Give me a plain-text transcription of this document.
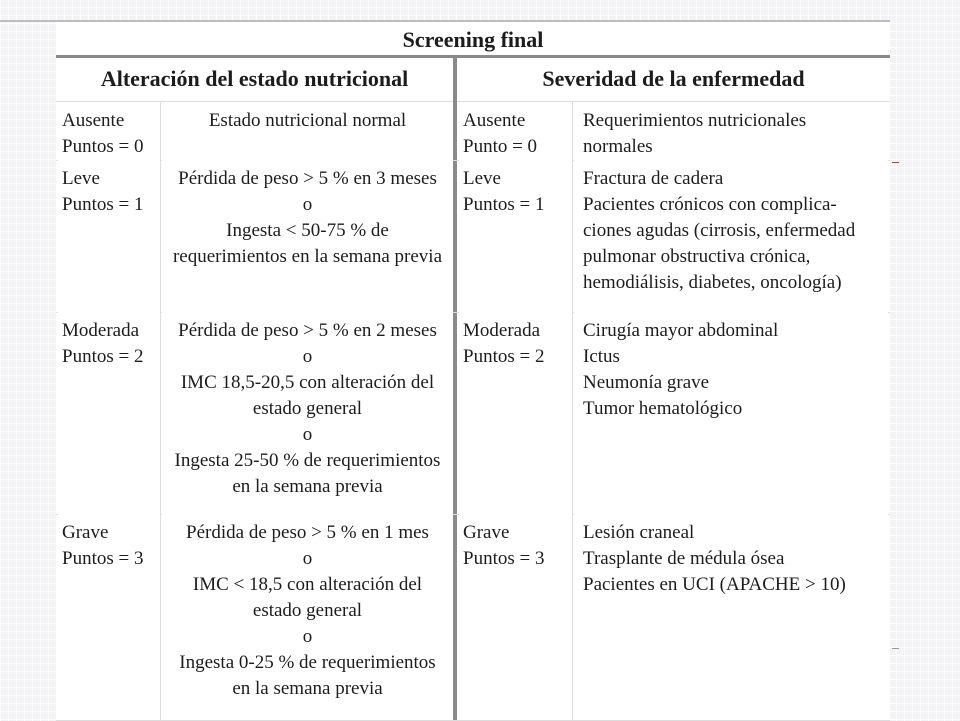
Screening final
Alteración del estado nutricional	Severidad de la enfermedad
Ausente
Puntos = 0
Estado nutricional normal	Ausente
Punto = 0
Requerimientos nutricionales
normales
Leve
Puntos = 1
Pérdida de peso > 5 % en 3 meses
o
Ingesta < 50-75 % de
requerimientos en la semana previa
Leve
Puntos = 1
Fractura de cadera
Pacientes crónicos con complica-
ciones agudas (cirrosis, enfermedad
pulmonar obstructiva crónica,
hemodiálisis, diabetes, oncología)
Moderada
Puntos = 2
Pérdida de peso > 5 % en 2 meses
o
IMC 18,5-20,5 con alteración del
estado general
o
Ingesta 25-50 % de requerimientos
en la semana previa
Moderada
Puntos = 2
Cirugía mayor abdominal
Ictus
Neumonía grave
Tumor hematológico
Grave
Puntos = 3
Pérdida de peso > 5 % en 1 mes
o
IMC < 18,5 con alteración del
estado general
o
Ingesta 0-25 % de requerimientos
en la semana previa
Grave
Puntos = 3
Lesión craneal
Trasplante de médula ósea
Pacientes en UCI (APACHE > 10)
